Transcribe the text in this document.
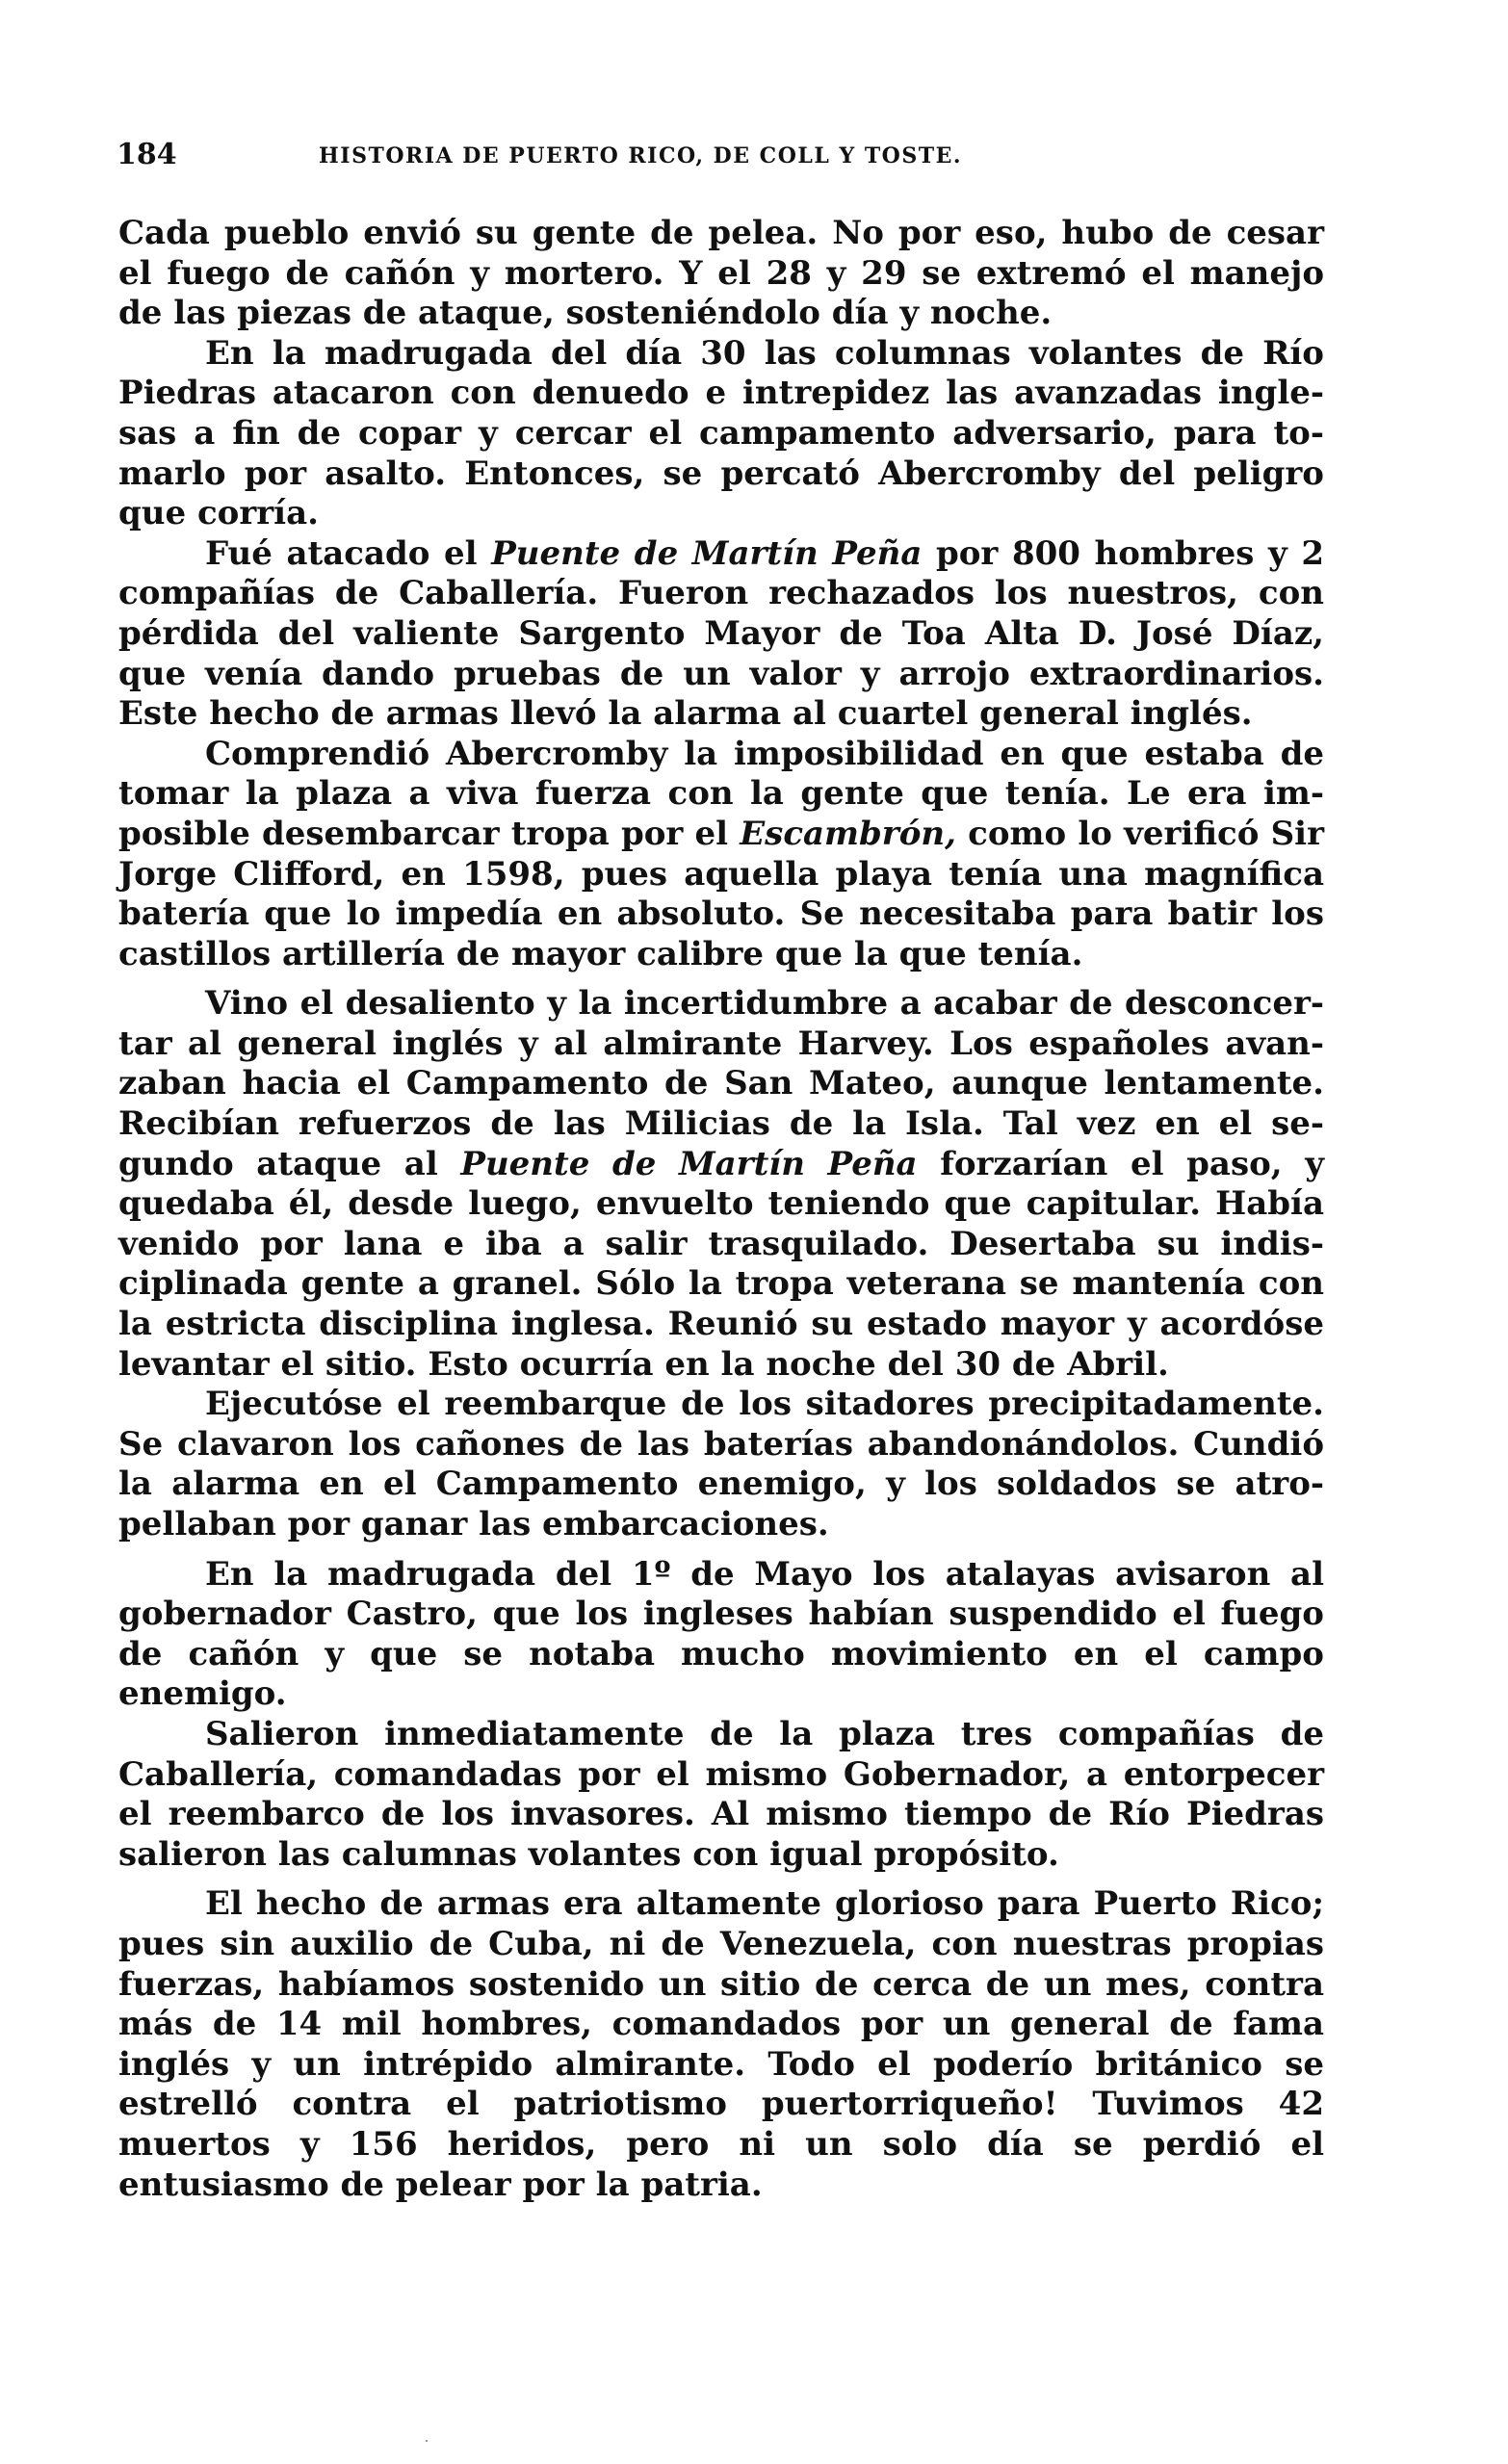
184	HISTORIA DE PUERTO RICO, DE COLL Y TOSTE.

Cada pueblo envió su gente de pelea. No por eso, hubo de cesar el fuego de cañón y mortero. Y el 28 y 29 se extremó el manejo de las piezas de ataque, sosteniéndolo día y noche.

En la madrugada del día 30 las columnas volantes de Río Piedras atacaron con denuedo e intrepidez las avanzadas inglesas a fin de copar y cercar el campamento adversario, para tomarlo por asalto. Entonces, se percató Abercromby del peligro que corría.

Fué atacado el Puente de Martín Peña por 800 hombres y 2 compañías de Caballería. Fueron rechazados los nuestros, con pérdida del valiente Sargento Mayor de Toa Alta D. José Díaz, que venía dando pruebas de un valor y arrojo extraordinarios. Este hecho de armas llevó la alarma al cuartel general inglés.

Comprendió Abercromby la imposibilidad en que estaba de tomar la plaza a viva fuerza con la gente que tenía. Le era imposible desembarcar tropa por el Escambrón, como lo verificó Sir Jorge Clifford, en 1598, pues aquella playa tenía una magnífica batería que lo impedía en absoluto. Se necesitaba para batir los castillos artillería de mayor calibre que la que tenía.

Vino el desaliento y la incertidumbre a acabar de desconcertar al general inglés y al almirante Harvey. Los españoles avanzaban hacia el Campamento de San Mateo, aunque lentamente. Recibían refuerzos de las Milicias de la Isla. Tal vez en el segundo ataque al Puente de Martín Peña forzarían el paso, y quedaba él, desde luego, envuelto teniendo que capitular. Había venido por lana e iba a salir trasquilado. Desertaba su indisciplinada gente a granel. Sólo la tropa veterana se mantenía con la estricta disciplina inglesa. Reunió su estado mayor y acordóse levantar el sitio. Esto ocurría en la noche del 30 de Abril.

Ejecutóse el reembarque de los sitadores precipitadamente. Se clavaron los cañones de las baterías abandonándolos. Cundió la alarma en el Campamento enemigo, y los soldados se atropellaban por ganar las embarcaciones.

En la madrugada del 1º de Mayo los atalayas avisaron al gobernador Castro, que los ingleses habían suspendido el fuego de cañón y que se notaba mucho movimiento en el campo enemigo.

Salieron inmediatamente de la plaza tres compañías de Caballería, comandadas por el mismo Gobernador, a entorpecer el reembarco de los invasores. Al mismo tiempo de Río Piedras salieron las calumnas volantes con igual propósito.

El hecho de armas era altamente glorioso para Puerto Rico; pues sin auxilio de Cuba, ni de Venezuela, con nuestras propias fuerzas, habíamos sostenido un sitio de cerca de un mes, contra más de 14 mil hombres, comandados por un general de fama inglés y un intrépido almirante. Todo el poderío británico se estrelló contra el patriotismo puertorriqueño! Tuvimos 42 muertos y 156 heridos, pero ni un solo día se perdió el entusiasmo de pelear por la patria.
